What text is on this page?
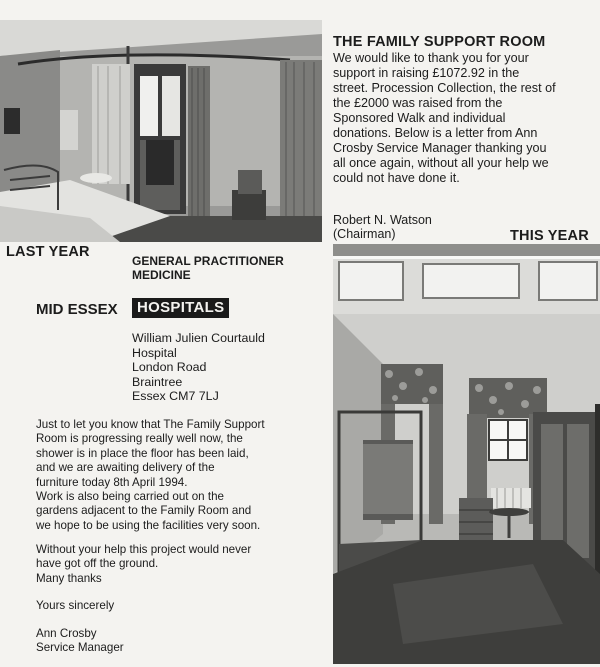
THE FAMILY SUPPORT ROOM
We would like to thank you for your
support in raising £1072.92 in the
street. Procession Collection, the rest of
the £2000 was raised from the
Sponsored Walk and individual
donations. Below is a letter from Ann
Crosby Service Manager thanking you
all once again, without all your help we
could not have done it.
Robert N. Watson
(Chairman)	THIS YEAR
LAST YEAR
GENERAL PRACTITIONER MEDICINE
MID ESSEX	HOSPITALS
William Julien Courtauld
Hospital
London Road
Braintree
Essex CM7 7LJ
Just to let you know that The Family Support
Room is progressing really well now, the
shower is in place the floor has been laid,
and we are awaiting delivery of the
furniture today 8th April 1994.
Work is also being carried out on the
gardens adjacent to the Family Room and
we hope to be using the facilities very soon.
Without your help this project would never
have got off the ground.
Many thanks
Yours sincerely
Ann Crosby
Service Manager
